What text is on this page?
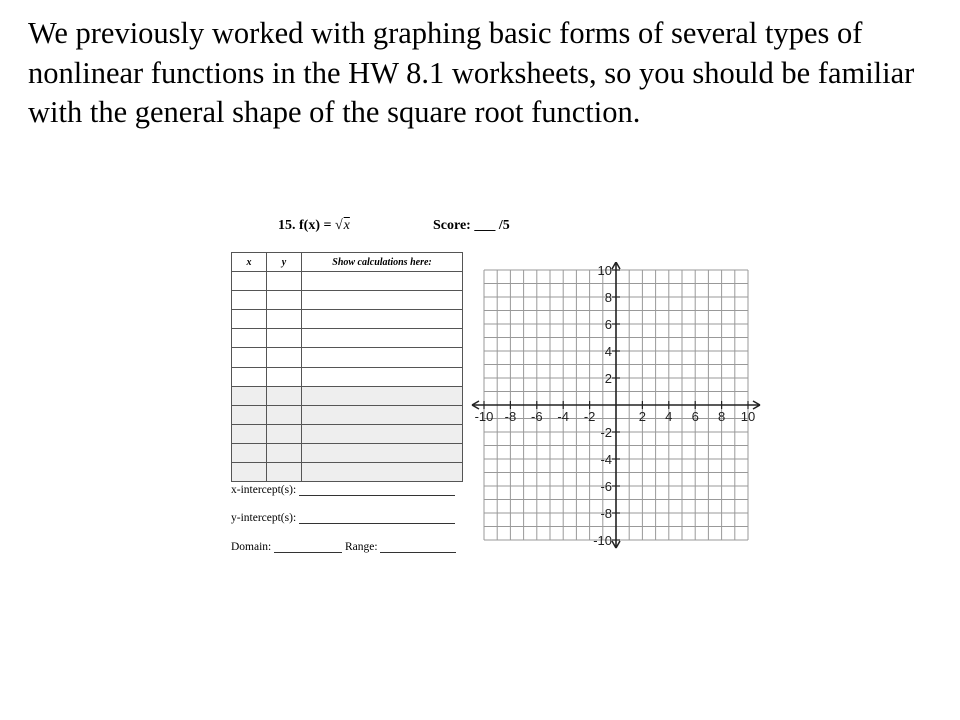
We previously worked with graphing basic forms of several types of nonlinear functions in the HW 8.1 worksheets, so you should be familiar with the general shape of the square root function.

15. f(x) = √x	Score: ___ /5
x	y	Show calculations here:

x-intercept(s):
y-intercept(s):
Domain:	Range:
-10 -8 -6 -4 -2	2 4 6 8 10
10
8
6
4
2
-2
-4
-6
-8
-10
